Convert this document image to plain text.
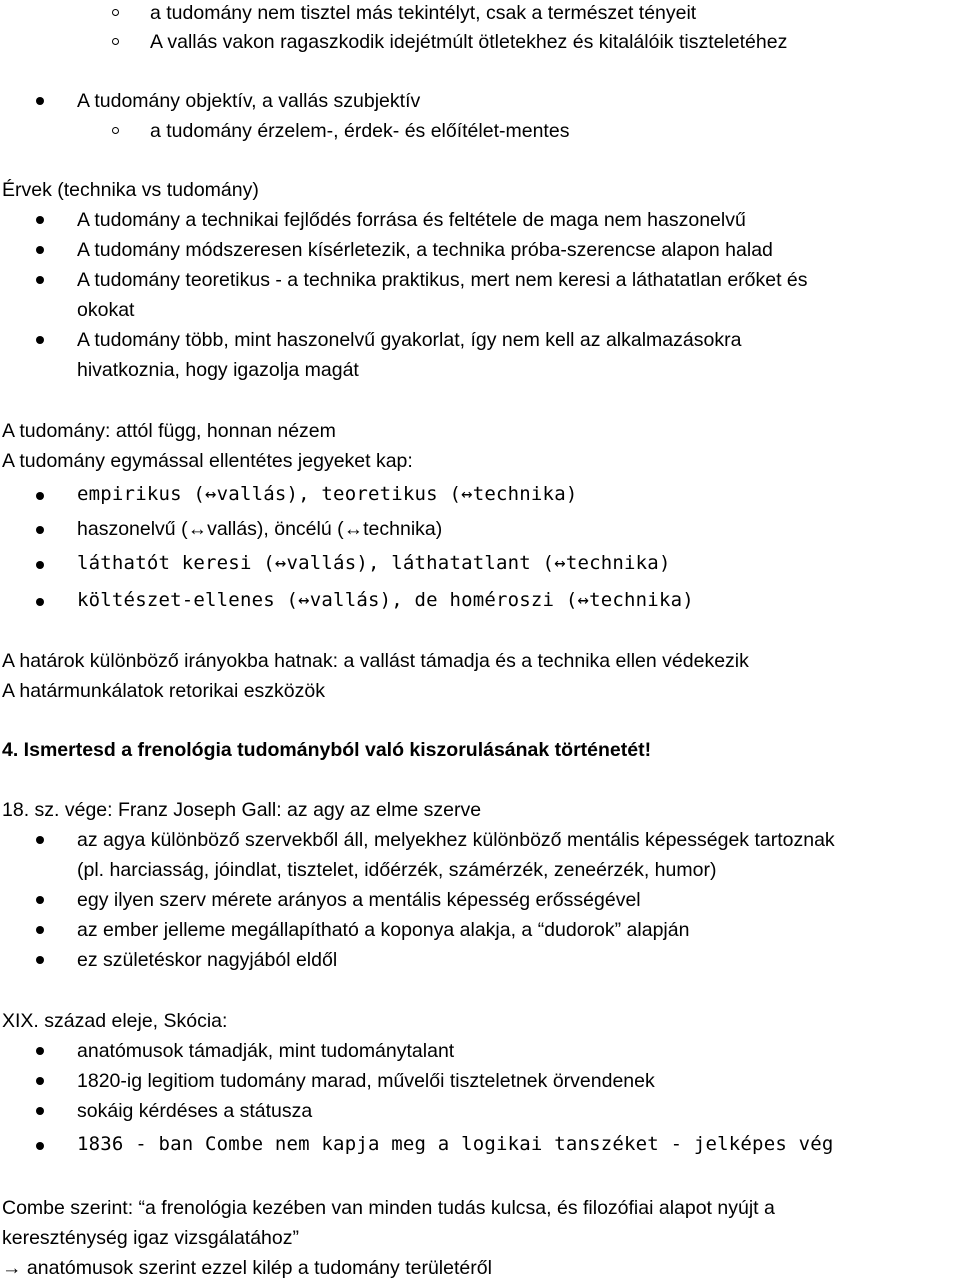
a tudomány nem tisztel más tekintélyt, csak a természet tényeit
A vallás vakon ragaszkodik idejétmúlt ötletekhez és kitalálóik tiszteletéhez
A tudomány objektív, a vallás szubjektív
a tudomány érzelem-, érdek- és előítélet-mentes
Érvek (technika vs tudomány)
A tudomány a technikai fejlődés forrása és feltétele de maga nem haszonelvű
A tudomány módszeresen kísérletezik, a technika próba-szerencse alapon halad
A tudomány teoretikus - a technika praktikus, mert nem keresi a láthatatlan erőket és
okokat
A tudomány több, mint haszonelvű gyakorlat, így nem kell az alkalmazásokra
hivatkoznia, hogy igazolja magát
A tudomány: attól függ, honnan nézem
A tudomány egymással ellentétes jegyeket kap:
empirikus (↔vallás), teoretikus (↔technika)
haszonelvű (↔vallás), öncélú (↔technika)
láthatót keresi (↔vallás), láthatatlant (↔technika)
költészet-ellenes (↔vallás), de homéroszi (↔technika)
A határok különböző irányokba hatnak: a vallást támadja és a technika ellen védekezik
A határmunkálatok retorikai eszközök
4. Ismertesd a frenológia tudományból való kiszorulásának történetét!
18. sz. vége: Franz Joseph Gall: az agy az elme szerve
az agya különböző szervekből áll, melyekhez különböző mentális képességek tartoznak
(pl. harciasság, jóindlat, tisztelet, időérzék, számérzék, zeneérzék, humor)
egy ilyen szerv mérete arányos a mentális képesség erősségével
az ember jelleme megállapítható a koponya alakja, a “dudorok” alapján
ez születéskor nagyjából eldől
XIX. század eleje, Skócia:
anatómusok támadják, mint tudománytalant
1820-ig legitiom tudomány marad, művelői tiszteletnek örvendenek
sokáig kérdéses a státusza
1836 - ban Combe nem kapja meg a logikai tanszéket - jelképes vég
Combe szerint: “a frenológia kezében van minden tudás kulcsa, és filozófiai alapot nyújt a
kereszténység igaz vizsgálatához”
→ anatómusok szerint ezzel kilép a tudomány területéről
